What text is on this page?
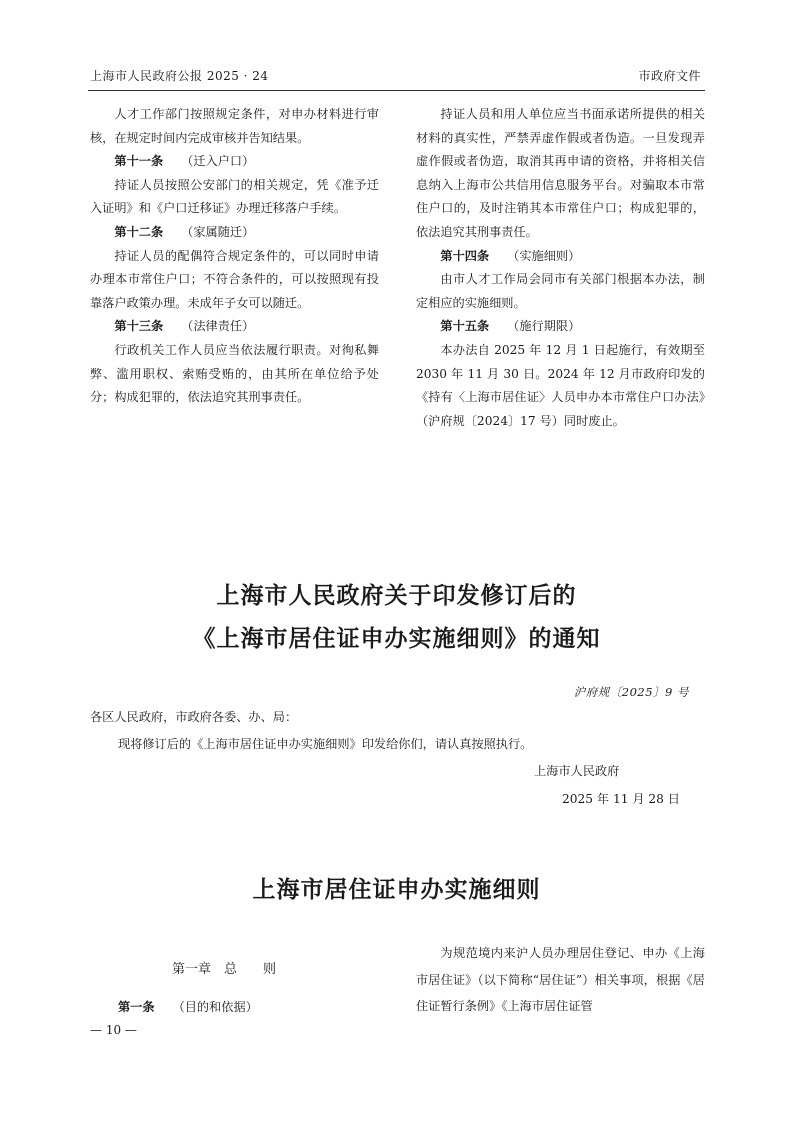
上海市人民政府公报 2025 · 24	市政府文件

人才工作部门按照规定条件，对申办材料进行审核，在规定时间内完成审核并告知结果。

第十一条 （迁入户口）

持证人员按照公安部门的相关规定，凭《准予迁入证明》和《户口迁移证》办理迁移落户手续。

第十二条 （家属随迁）

持证人员的配偶符合规定条件的，可以同时申请办理本市常住户口；不符合条件的，可以按照现有投靠落户政策办理。未成年子女可以随迁。

第十三条 （法律责任）

行政机关工作人员应当依法履行职责。对徇私舞弊、滥用职权、索贿受贿的，由其所在单位给予处分；构成犯罪的，依法追究其刑事责任。

持证人员和用人单位应当书面承诺所提供的相关材料的真实性，严禁弄虚作假或者伪造。一旦发现弄虚作假或者伪造，取消其再申请的资格，并将相关信息纳入上海市公共信用信息服务平台。对骗取本市常住户口的，及时注销其本市常住户口；构成犯罪的，依法追究其刑事责任。

第十四条 （实施细则）

由市人才工作局会同市有关部门根据本办法，制定相应的实施细则。

第十五条 （施行期限）

本办法自 2025 年 12 月 1 日起施行，有效期至 2030 年 11 月 30 日。2024 年 12 月市政府印发的《持有〈上海市居住证〉人员申办本市常住户口办法》（沪府规〔2024〕17 号）同时废止。

上海市人民政府关于印发修订后的
《上海市居住证申办实施细则》的通知
沪府规〔2025〕9 号
各区人民政府，市政府各委、办、局：
现将修订后的《上海市居住证申办实施细则》印发给你们，请认真按照执行。
上海市人民政府
2025 年 11 月 28 日
上海市居住证申办实施细则
第一章　总　　则
第一条 （目的和依据）

为规范境内来沪人员办理居住登记、申办《上海市居住证》（以下简称“居住证”）相关事项，根据《居住证暂行条例》《上海市居住证管

— 10 —
